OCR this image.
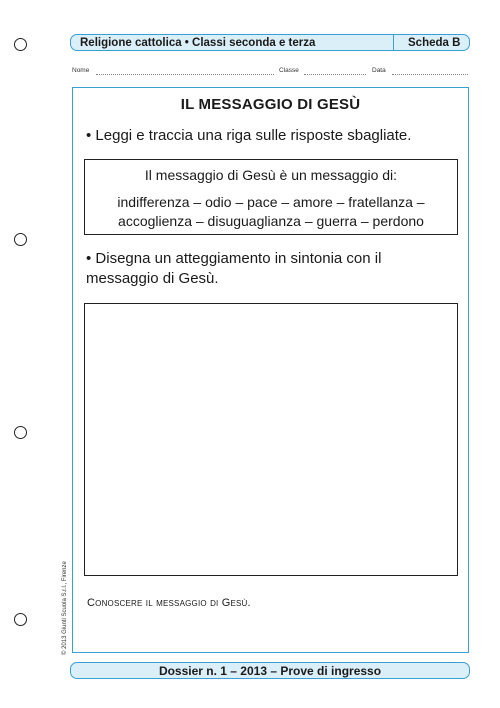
Religione cattolica • Classi seconda e terza	Scheda B
Nome	Classe	Data
IL MESSAGGIO DI GESÙ
• Leggi e traccia una riga sulle risposte sbagliate.
Il messaggio di Gesù è un messaggio di:
indifferenza – odio – pace – amore – fratellanza –
accoglienza – disuguaglianza – guerra – perdono
• Disegna un atteggiamento in sintonia con il
messaggio di Gesù.
Conoscere il messaggio di Gesù.
© 2013 Giunti Scuola S.r.l., Firenze
Dossier n. 1 – 2013 – Prove di ingresso
